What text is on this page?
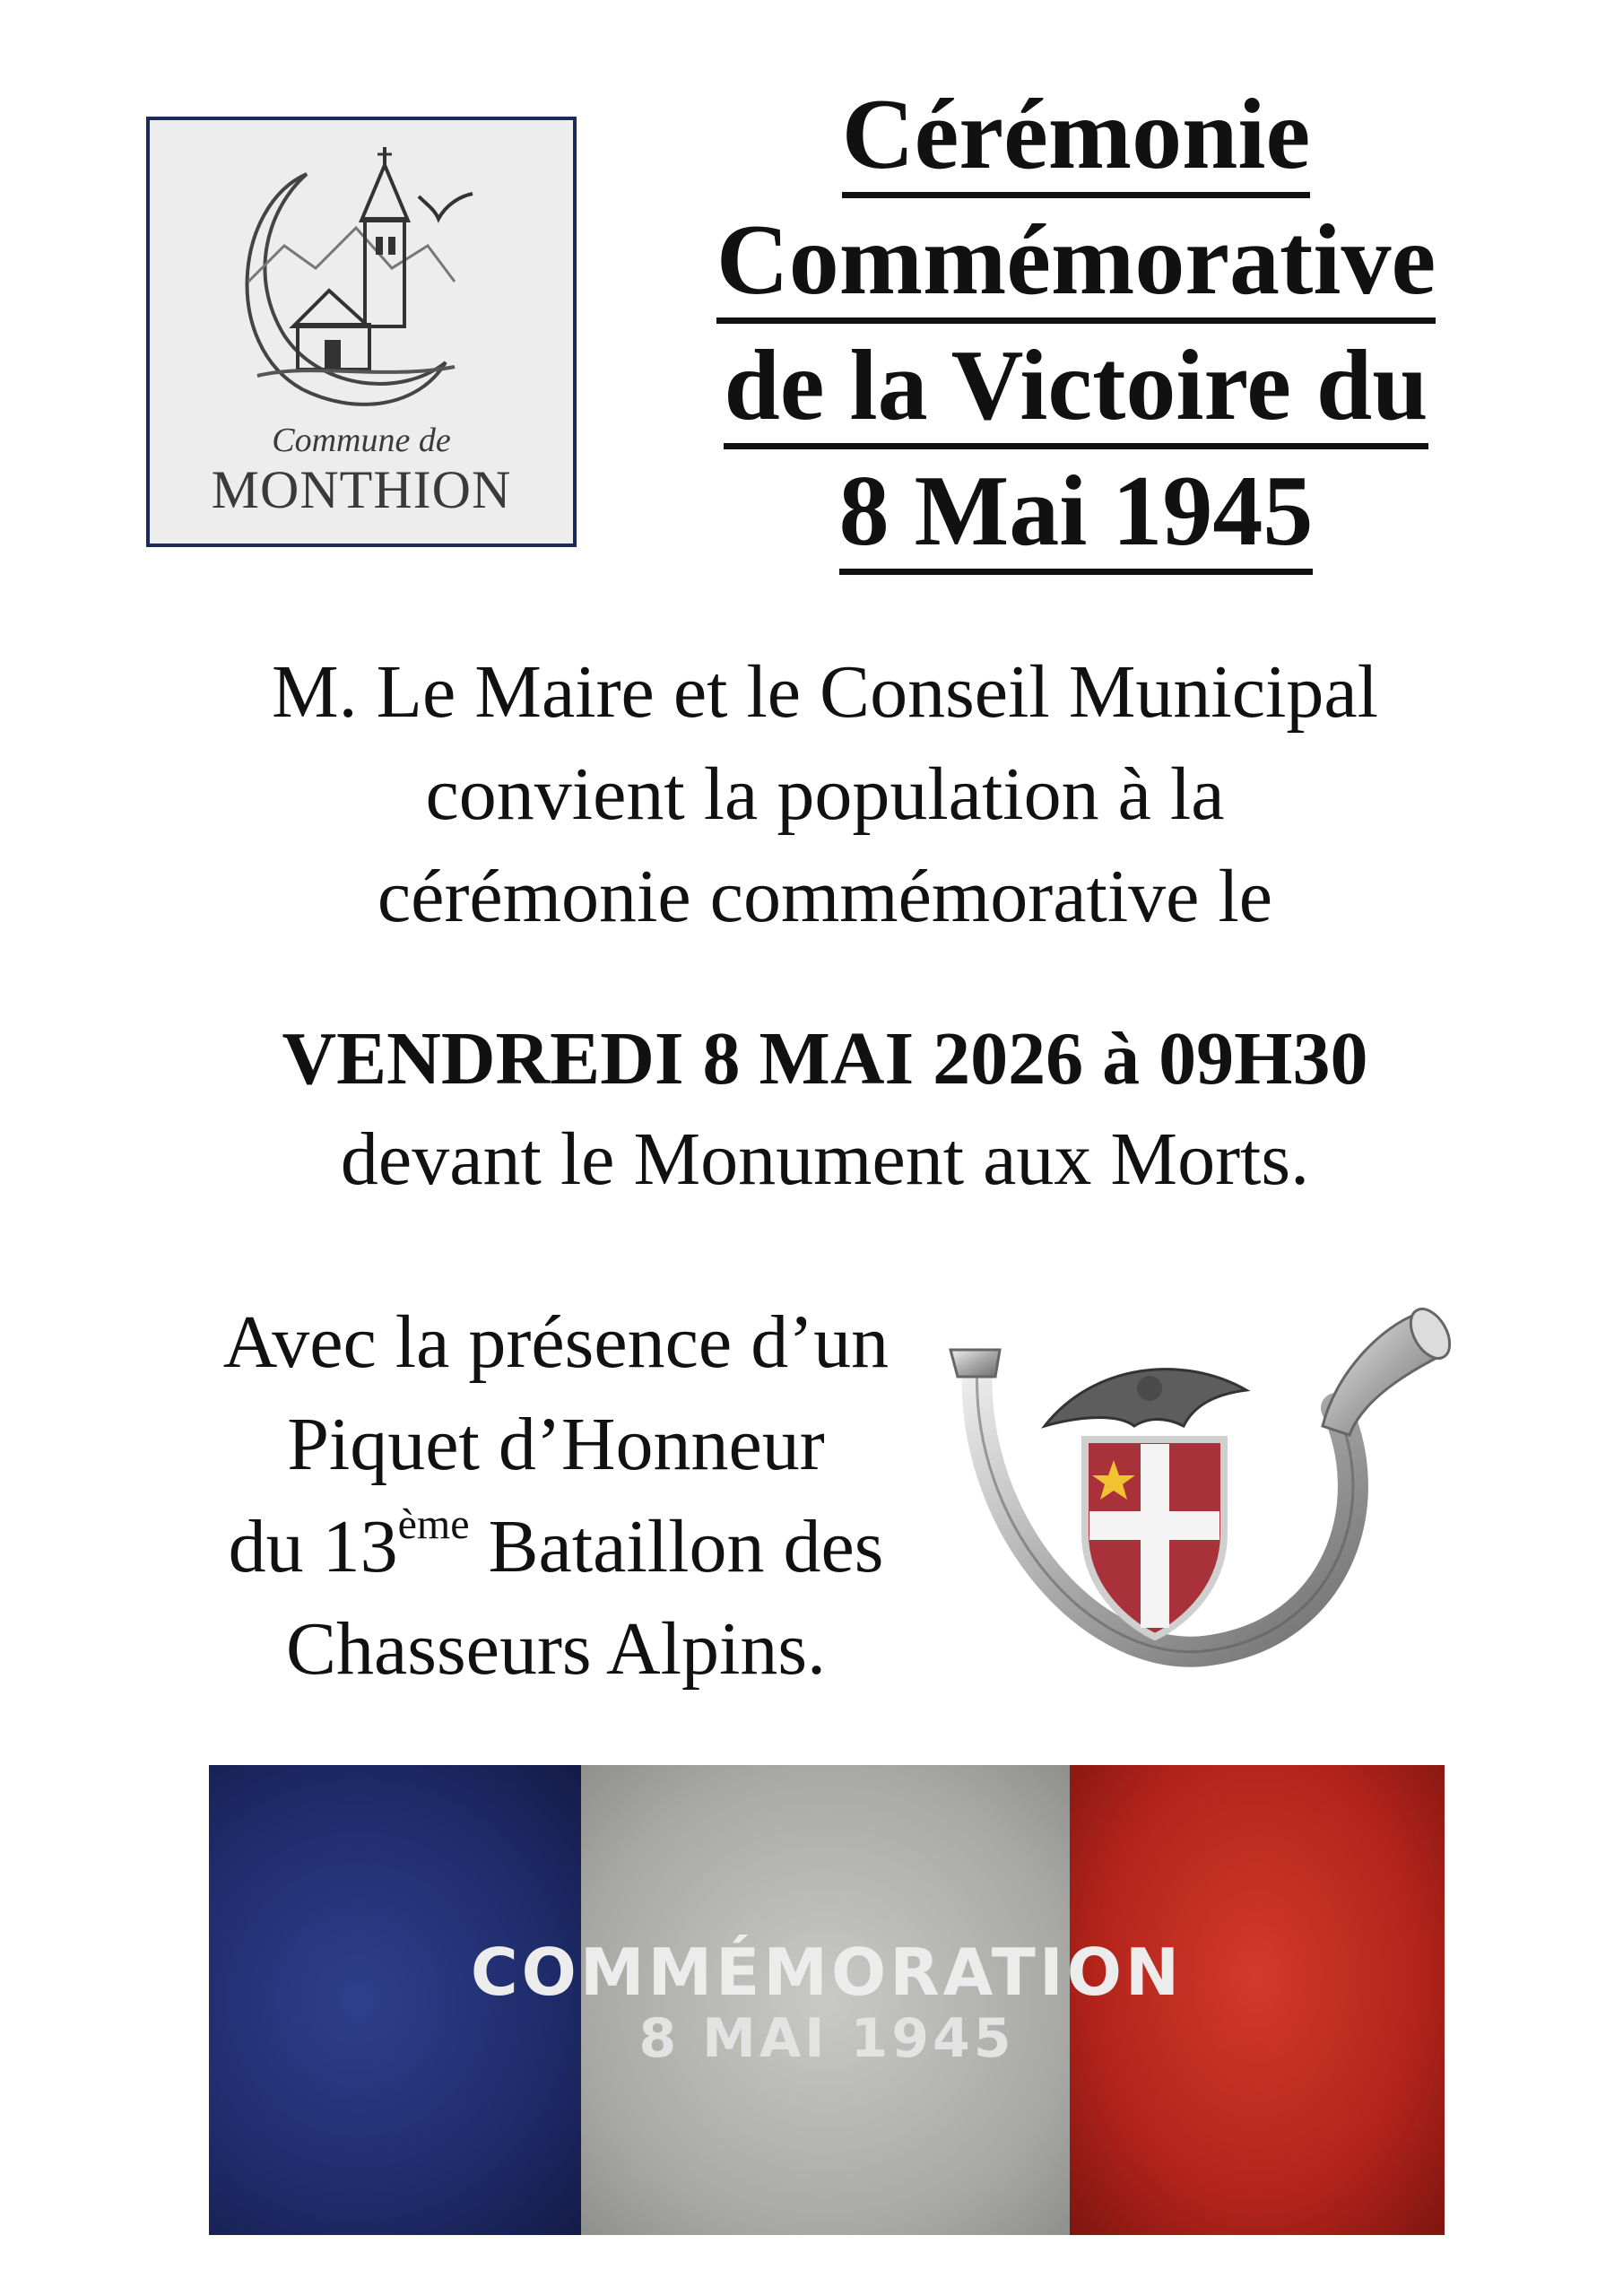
Commune de
MONTHION
Cérémonie
Commémorative
de la Victoire du
8 Mai 1945
M. Le Maire et le Conseil Municipal
convient la population à la
cérémonie commémorative le
VENDREDI 8 MAI 2026 à 09H30
devant le Monument aux Morts.
Avec la présence d’un
Piquet d’Honneur
du 13ème Bataillon des
Chasseurs Alpins.
COMMÉMORATION
8 MAI 1945
